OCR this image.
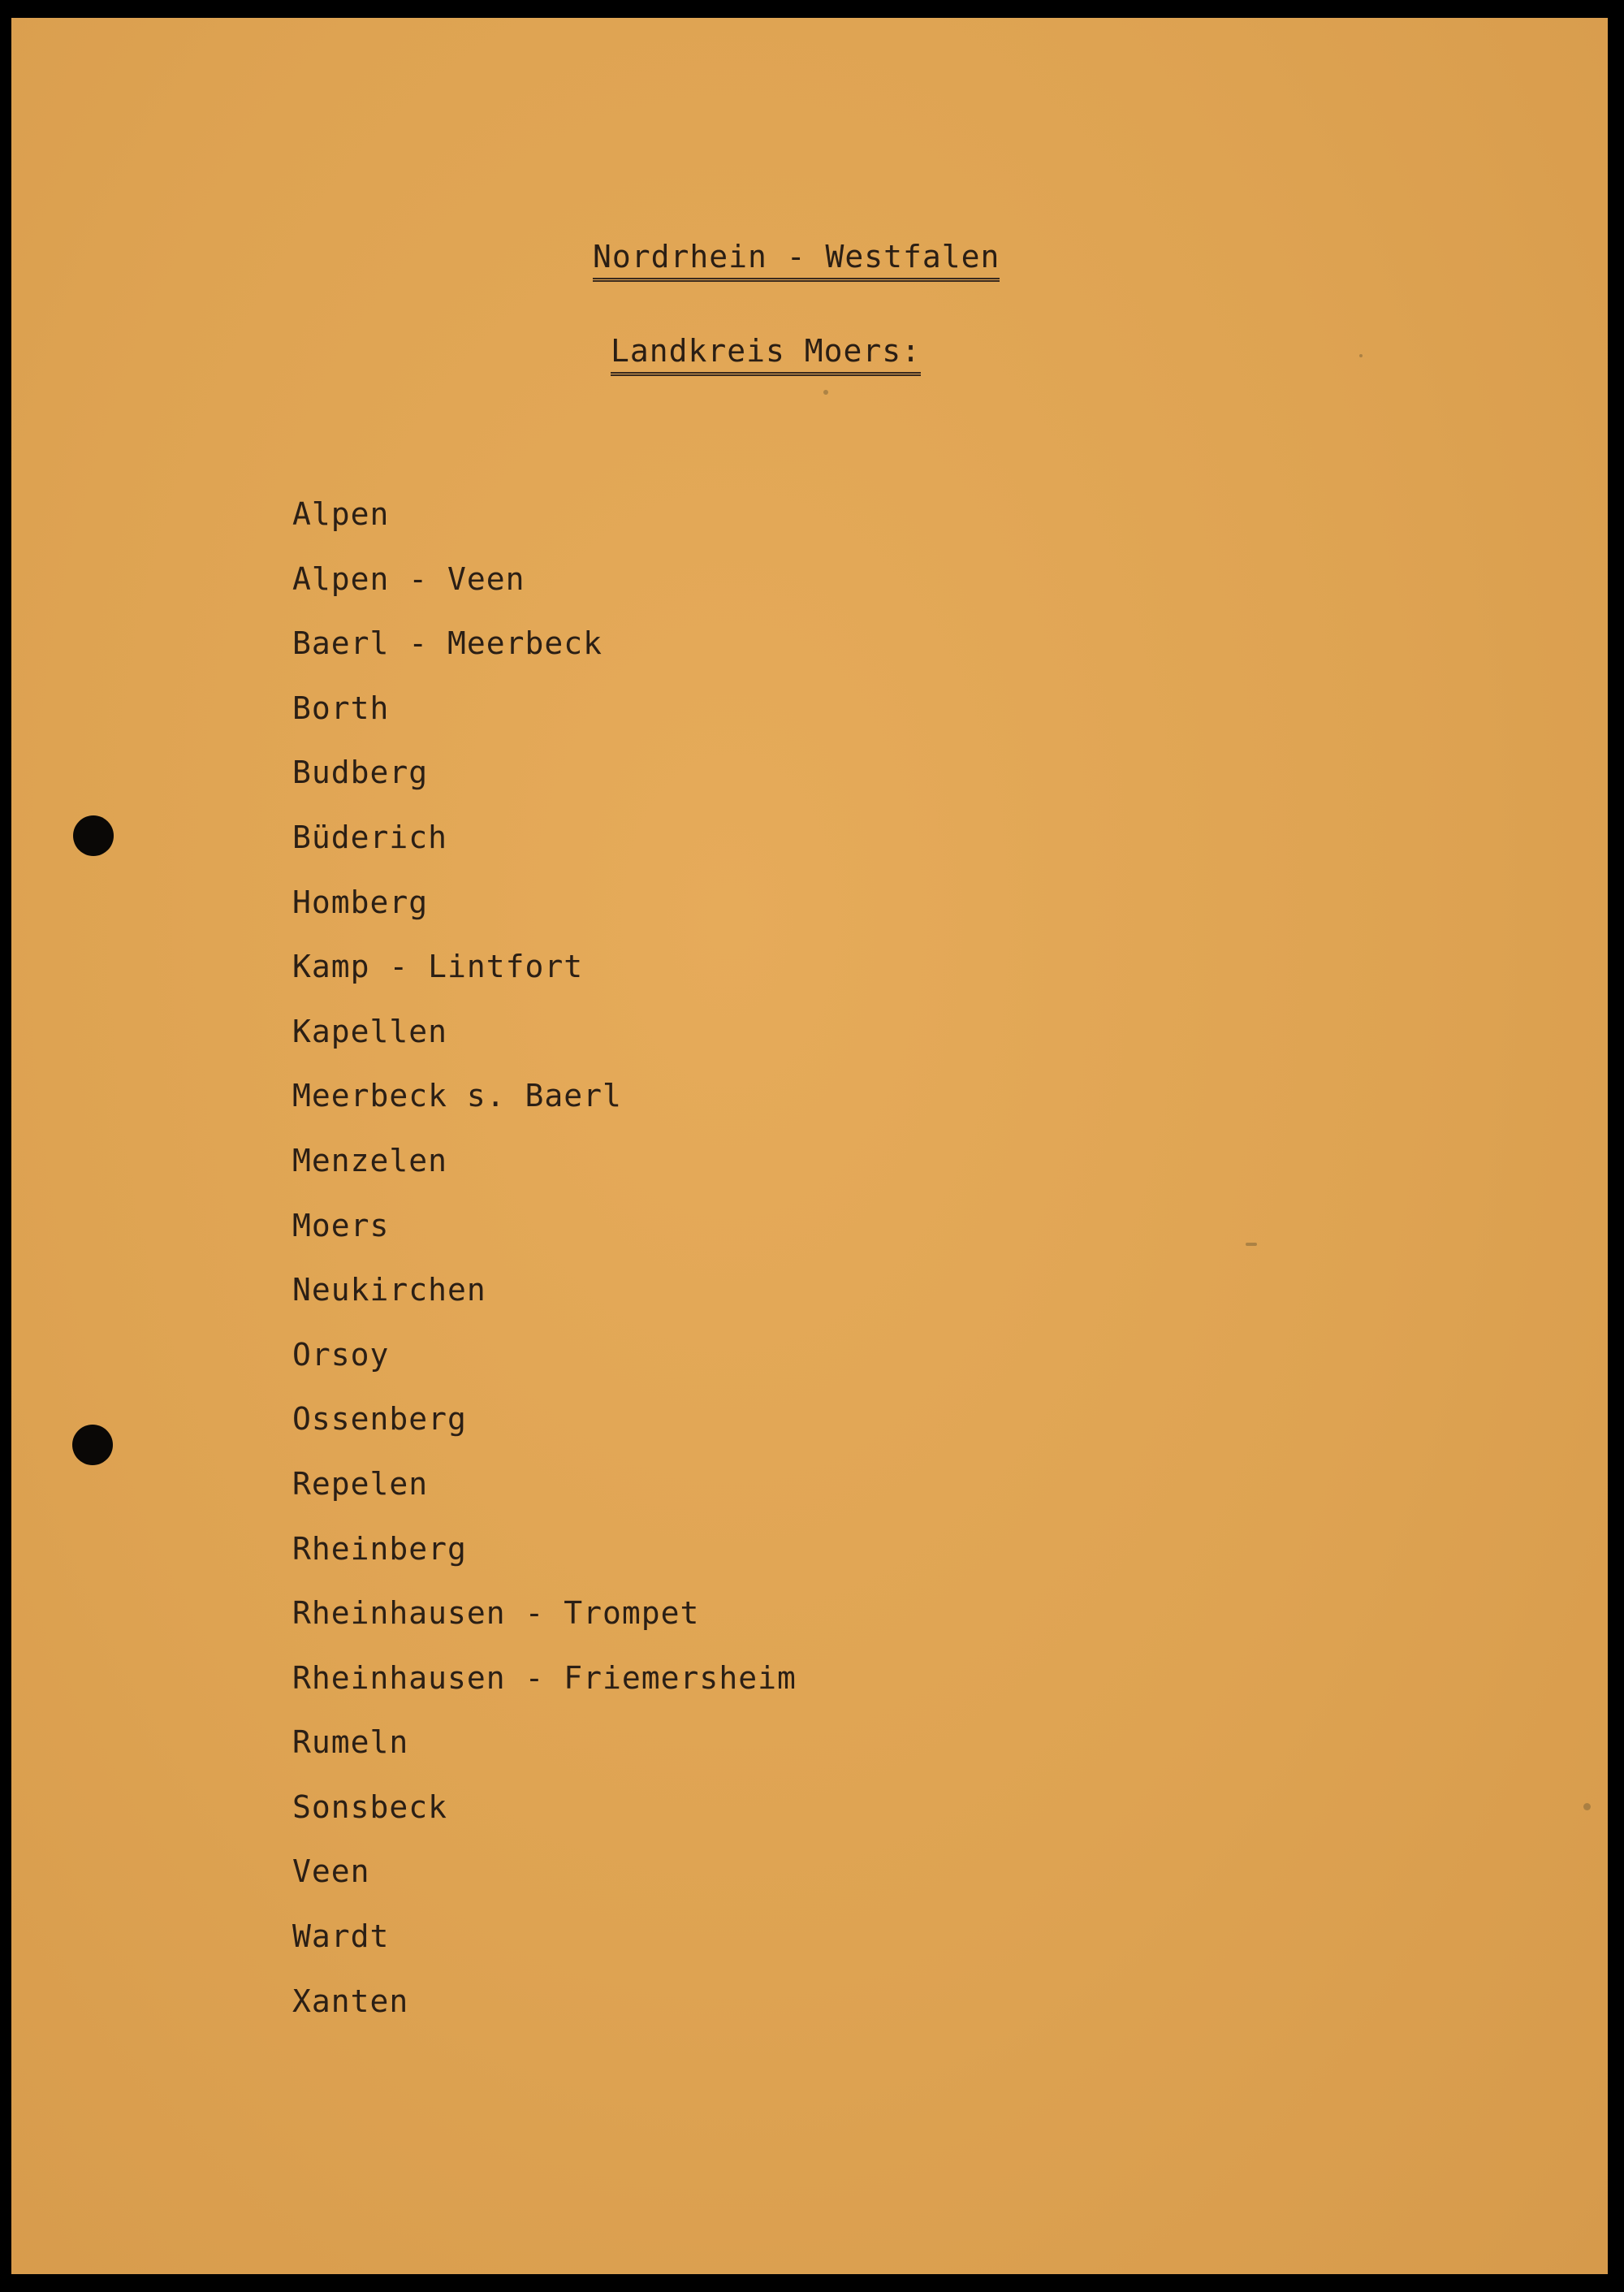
Nordrhein - Westfalen
Landkreis Moers:
Alpen
Alpen - Veen
Baerl - Meerbeck
Borth
Budberg
Büderich
Homberg
Kamp - Lintfort
Kapellen
Meerbeck s. Baerl
Menzelen
Moers
Neukirchen
Orsoy
Ossenberg
Repelen
Rheinberg
Rheinhausen - Trompet
Rheinhausen - Friemersheim
Rumeln
Sonsbeck
Veen
Wardt
Xanten
